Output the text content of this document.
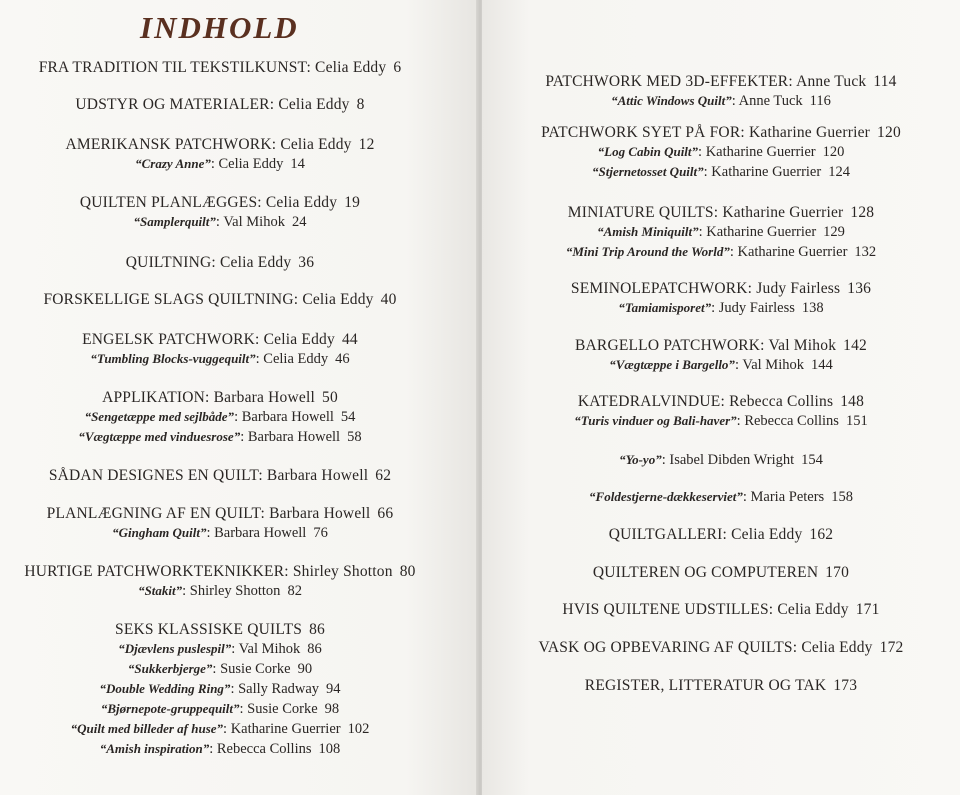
INDHOLD
FRA TRADITION TIL TEKSTILKUNST: Celia Eddy 6
UDSTYR OG MATERIALER: Celia Eddy 8
AMERIKANSK PATCHWORK: Celia Eddy 12
“Crazy Anne”: Celia Eddy 14
QUILTEN PLANLÆGGES: Celia Eddy 19
“Samplerquilt”: Val Mihok 24
QUILTNING: Celia Eddy 36
FORSKELLIGE SLAGS QUILTNING: Celia Eddy 40
ENGELSK PATCHWORK: Celia Eddy 44
“Tumbling Blocks-vuggequilt”: Celia Eddy 46
APPLIKATION: Barbara Howell 50
“Sengetæppe med sejlbåde”: Barbara Howell 54
“Vægtæppe med vinduesrose”: Barbara Howell 58
SÅDAN DESIGNES EN QUILT: Barbara Howell 62
PLANLÆGNING AF EN QUILT: Barbara Howell 66
“Gingham Quilt”: Barbara Howell 76
HURTIGE PATCHWORKTEKNIKKER: Shirley Shotton 80
“Stakit”: Shirley Shotton 82
SEKS KLASSISKE QUILTS 86
“Djævlens puslespil”: Val Mihok 86
“Sukkerbjerge”: Susie Corke 90
“Double Wedding Ring”: Sally Radway 94
“Bjørnepote-gruppequilt”: Susie Corke 98
“Quilt med billeder af huse”: Katharine Guerrier 102
“Amish inspiration”: Rebecca Collins 108
PATCHWORK MED 3D-EFFEKTER: Anne Tuck 114
“Attic Windows Quilt”: Anne Tuck 116
PATCHWORK SYET PÅ FOR: Katharine Guerrier 120
“Log Cabin Quilt”: Katharine Guerrier 120
“Stjernetosset Quilt”: Katharine Guerrier 124
MINIATURE QUILTS: Katharine Guerrier 128
“Amish Miniquilt”: Katharine Guerrier 129
“Mini Trip Around the World”: Katharine Guerrier 132
SEMINOLEPATCHWORK: Judy Fairless 136
“Tamiamisporet”: Judy Fairless 138
BARGELLO PATCHWORK: Val Mihok 142
“Vægtæppe i Bargello”: Val Mihok 144
KATEDRALVINDUE: Rebecca Collins 148
“Turis vinduer og Bali-haver”: Rebecca Collins 151
“Yo-yo”: Isabel Dibden Wright 154
“Foldestjerne-dækkeserviet”: Maria Peters 158
QUILTGALLERI: Celia Eddy 162
QUILTEREN OG COMPUTEREN 170
HVIS QUILTENE UDSTILLES: Celia Eddy 171
VASK OG OPBEVARING AF QUILTS: Celia Eddy 172
REGISTER, LITTERATUR OG TAK 173
